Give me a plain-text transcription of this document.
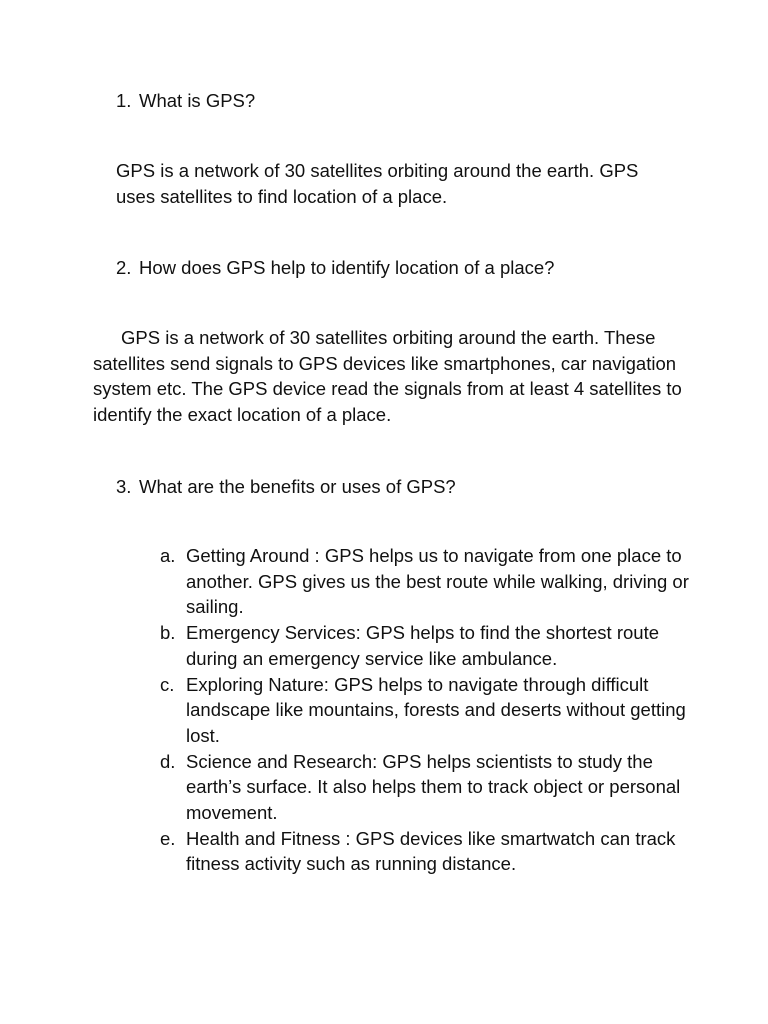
1. What is GPS?

GPS is a network of 30 satellites orbiting around the earth. GPS uses satellites to find location of a place.

2. How does GPS help to identify location of a place?

GPS is a network of 30 satellites orbiting around the earth. These satellites send signals to GPS devices like smartphones, car navigation system etc. The GPS device read the signals from at least 4 satellites to identify the exact location of a place.

3. What are the benefits or uses of GPS?
a. Getting Around : GPS helps us to navigate from one place to another. GPS gives us the best route while walking, driving or sailing.
b. Emergency Services: GPS helps to find the shortest route during an emergency service like ambulance.
c. Exploring Nature: GPS helps to navigate through difficult landscape like mountains, forests and deserts without getting lost.
d. Science and Research: GPS helps scientists to study the earth’s surface. It also helps them to track object or personal movement.
e. Health and Fitness : GPS devices like smartwatch can track fitness activity such as running distance.
